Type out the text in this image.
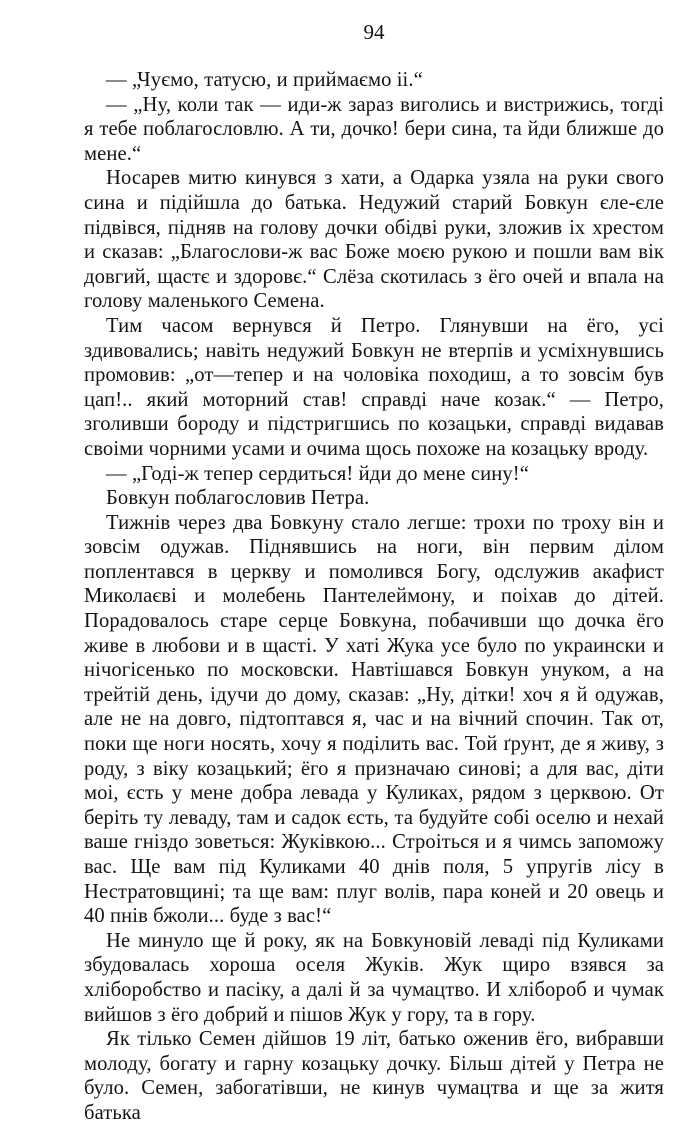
94

— „Чуємо, татусю, и приймаємо ii.“

— „Ну, коли так — иди-ж зараз виголись и вистрижись, тогдi я тебе поблагословлю. А ти, дочко! бери сина, та йди ближше до мене.“

Носарев митю кинувся з хати, а Одарка узяла на руки свого сина и пiдiйшла до батька. Недужий старий Бовкун єле-єле пiдвiвся, пiдняв на голову дочки обiдвi руки, зложив iх хрестом и сказав: „Благослови-ж вас Боже моєю рукою и пошли вам вiк довгий, щастє и здоровє.“ Слёза скотилась з ёго очей и впала на голову маленького Семена.

Тим часом вернувся й Петро. Глянувши на ёго, усi здивовались; навiть недужий Бовкун не втерпiв и усмiхнувшись промовив: „от—тепер и на чоловiка походиш, а то зовсiм був цап!.. який моторний став! справдi наче козак.“ — Петро, зголивши бороду и пiдстригшись по козацьки, справдi видавав своiми чорними усами и очима щось похоже на козацьку вроду.

— „Годi-ж тепер сердиться! йди до мене сину!“

Бовкун поблагословив Петра.

Тижнiв через два Бовкуну стало легше: трохи по троху вiн и зовсiм одужав. Пiднявшись на ноги, вiн первим дiлом поплентався в церкву и помолився Богу, одслужив акафист Миколаєвi и молебень Пантелеймону, и поiхав до дiтей. Порадовалось старе серце Бовкуна, побачивши що дочка ёго живе в любови и в щастi. У хатi Жука усе було по украински и нiчогiсенько по московски. Навтiшався Бовкун унуком, а на трейтiй день, iдучи до дому, сказав: „Ну, дiтки! хоч я й одужав, але не на довго, пiдтоптався я, час и на вiчний спочин. Так от, поки ще ноги носять, хочу я подiлить вас. Той ґрунт, де я живу, з роду, з вiку козацький; ёго я призначаю синовi; а для вас, дiти моi, єсть у мене добра левада у Куликах, рядом з церквою. От берiть ту леваду, там и садок єсть, та будуйте собi оселю и нехай ваше гнiздо зоветься: Жукiвкою... Строiться и я чимсь запоможу вас. Ще вам пiд Куликами 40 днiв поля, 5 упругiв лiсу в Нестратовщинi; та ще вам: плуг волiв, пара коней и 20 овець и 40 пнiв бжоли... буде з вас!“

Не минуло ще й року, як на Бовкуновiй левадi пiд Куликами збудовалась хороша оселя Жукiв. Жук щиро взявся за хлiборобство и пасiку, а далi й за чумацтво. И хлiбороб и чумак вийшов з ёго добрий и пiшов Жук у гору, та в гору.

Як тiлько Семен дiйшов 19 лiт, батько оженив ёго, вибравши молоду, богату и гарну козацьку дочку. Бiльш дiтей у Петра не було. Семен, забогатiвши, не кинув чумацтва и ще за житя батька
